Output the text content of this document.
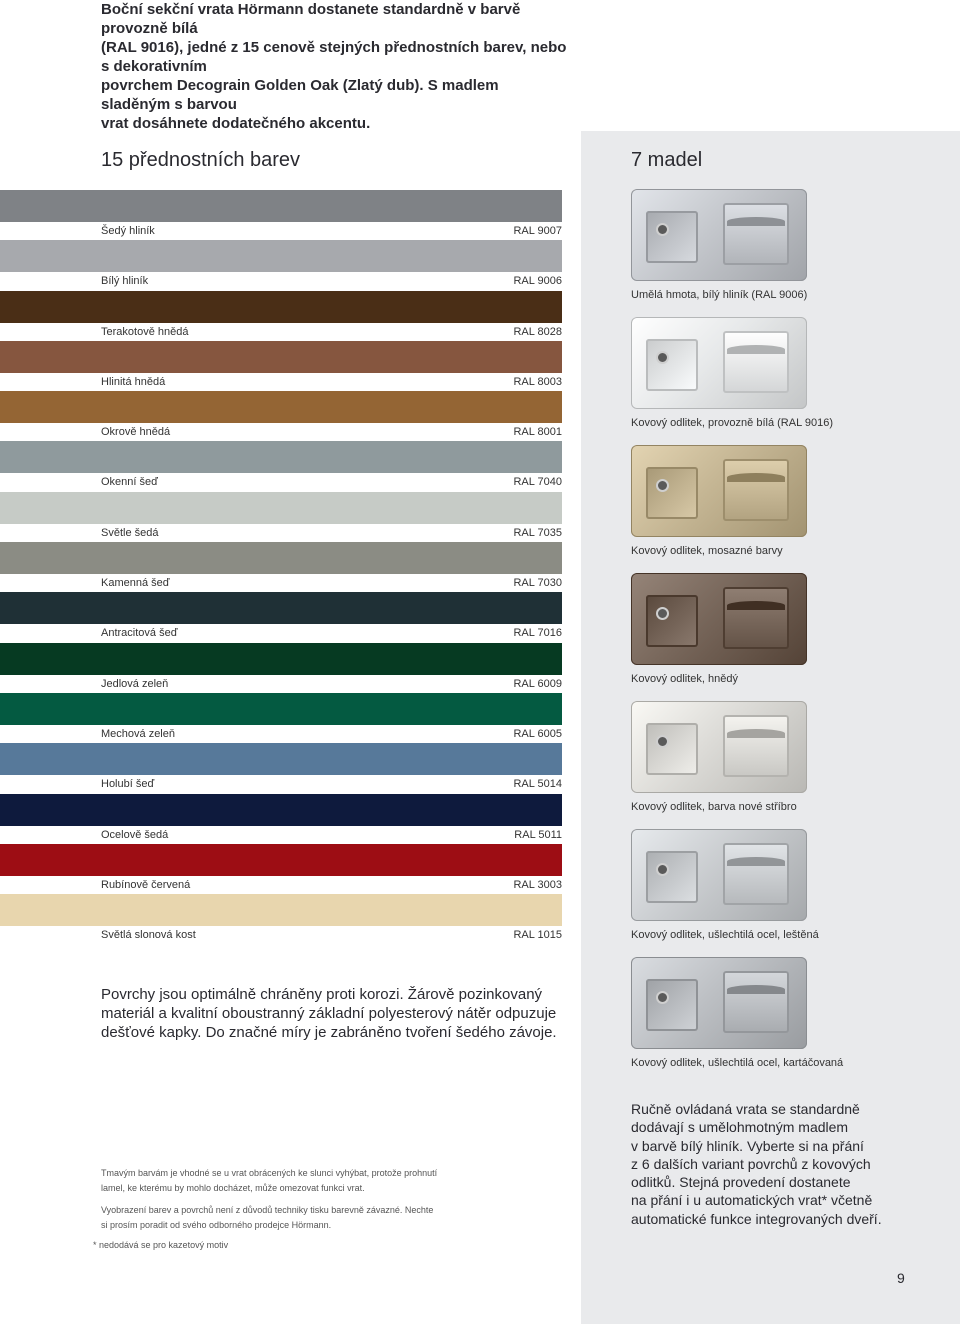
Boční sekční vrata Hörmann dostanete standardně v barvě provozně bílá
(RAL 9016), jedné z 15 cenově stejných přednostních barev, nebo s dekorativním
povrchem Decograin Golden Oak (Zlatý dub). S madlem sladěným s barvou
vrat dosáhnete dodatečného akcentu.
15 přednostních barev	7 madel
Šedý hliník	RAL 9007
Bílý hliník	RAL 9006
Terakotově hnědá	RAL 8028
Hlinitá hnědá	RAL 8003
Okrově hnědá	RAL 8001
Okenní šeď	RAL 7040
Světle šedá	RAL 7035
Kamenná šeď	RAL 7030
Antracitová šeď	RAL 7016
Jedlová zeleň	RAL 6009
Mechová zeleň	RAL 6005
Holubí šeď	RAL 5014
Ocelově šedá	RAL 5011
Rubínově červená	RAL 3003
Světlá slonová kost	RAL 1015
Umělá hmota, bílý hliník (RAL 9006)
Kovový odlitek, provozně bílá (RAL 9016)
Kovový odlitek, mosazné barvy
Kovový odlitek, hnědý
Kovový odlitek, barva nové stříbro
Kovový odlitek, ušlechtilá ocel, leštěná
Kovový odlitek, ušlechtilá ocel, kartáčovaná
Povrchy jsou optimálně chráněny proti korozi. Žárově pozinkovaný
materiál a kvalitní oboustranný základní polyesterový nátěr odpuzuje
dešťové kapky. Do značné míry je zabráněno tvoření šedého závoje.
Tmavým barvám je vhodné se u vrat obrácených ke slunci vyhýbat, protože prohnutí
lamel, ke kterému by mohlo docházet, může omezovat funkci vrat.
Vyobrazení barev a povrchů není z důvodů techniky tisku barevně závazné. Nechte
si prosím poradit od svého odborného prodejce Hörmann.
* nedodává se pro kazetový motiv
Ručně ovládaná vrata se standardně
dodávají s umělohmotným madlem
v barvě bílý hliník. Vyberte si na přání
z 6 dalších variant povrchů z kovových
odlitků. Stejná provedení dostanete
na přání i u automatických vrat* včetně
automatické funkce integrovaných dveří.
9
